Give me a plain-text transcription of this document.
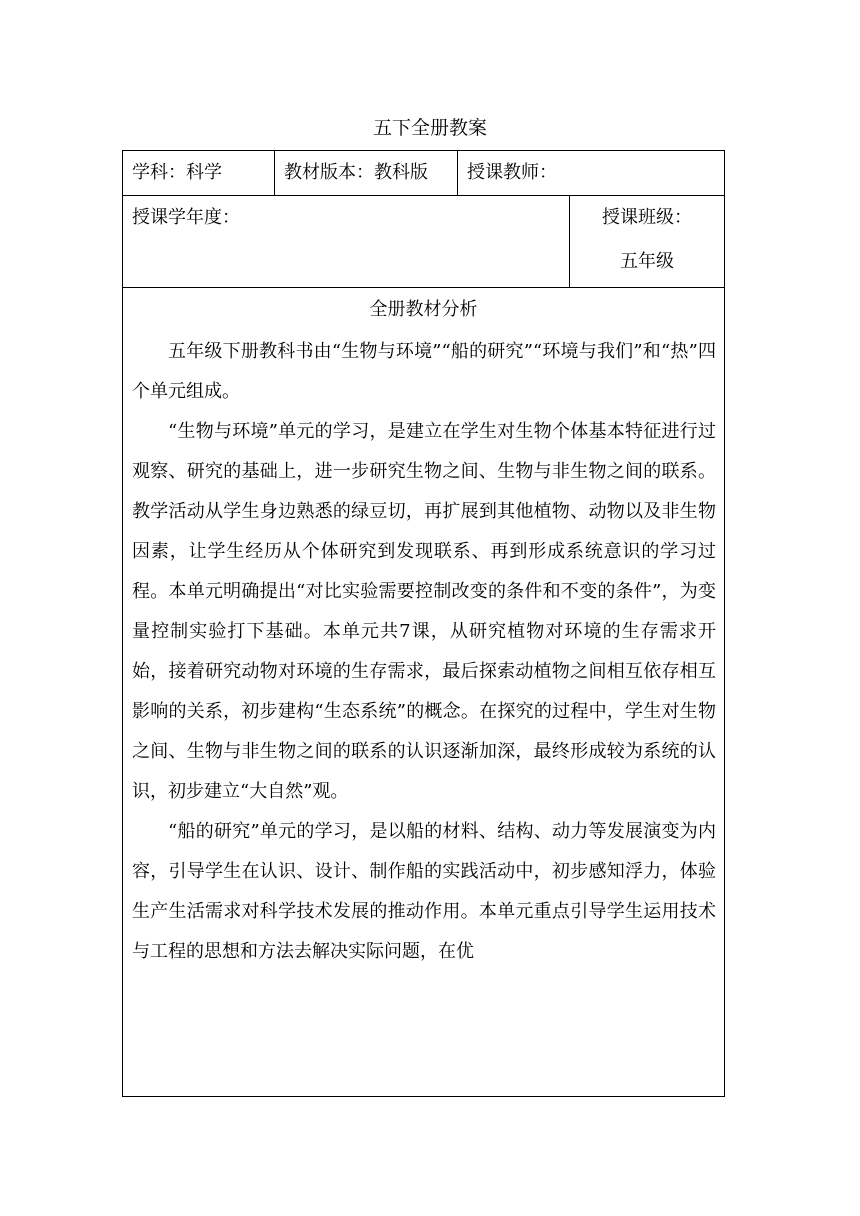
五下全册教案
学科：科学	教材版本：教科版	授课教师：
授课学年度：	授课班级：
五年级
全册教材分析

五年级下册教科书由“生物与环境”“船的研究”“环境与我们”和“热”四个单元组成。

“生物与环境”单元的学习，是建立在学生对生物个体基本特征进行过观察、研究的基础上，进一步研究生物之间、生物与非生物之间的联系。教学活动从学生身边熟悉的绿豆切，再扩展到其他植物、动物以及非生物因素，让学生经历从个体研究到发现联系、再到形成系统意识的学习过程。本单元明确提出“对比实验需要控制改变的条件和不变的条件”，为变量控制实验打下基础。本单元共7课，从研究植物对环境的生存需求开始，接着研究动物对环境的生存需求，最后探索动植物之间相互依存相互影响的关系，初步建构“生态系统”的概念。在探究的过程中，学生对生物之间、生物与非生物之间的联系的认识逐渐加深，最终形成较为系统的认识，初步建立“大自然”观。

“船的研究”单元的学习，是以船的材料、结构、动力等发展演变为内容，引导学生在认识、设计、制作船的实践活动中，初步感知浮力，体验生产生活需求对科学技术发展的推动作用。本单元重点引导学生运用技术与工程的思想和方法去解决实际问题，在优
